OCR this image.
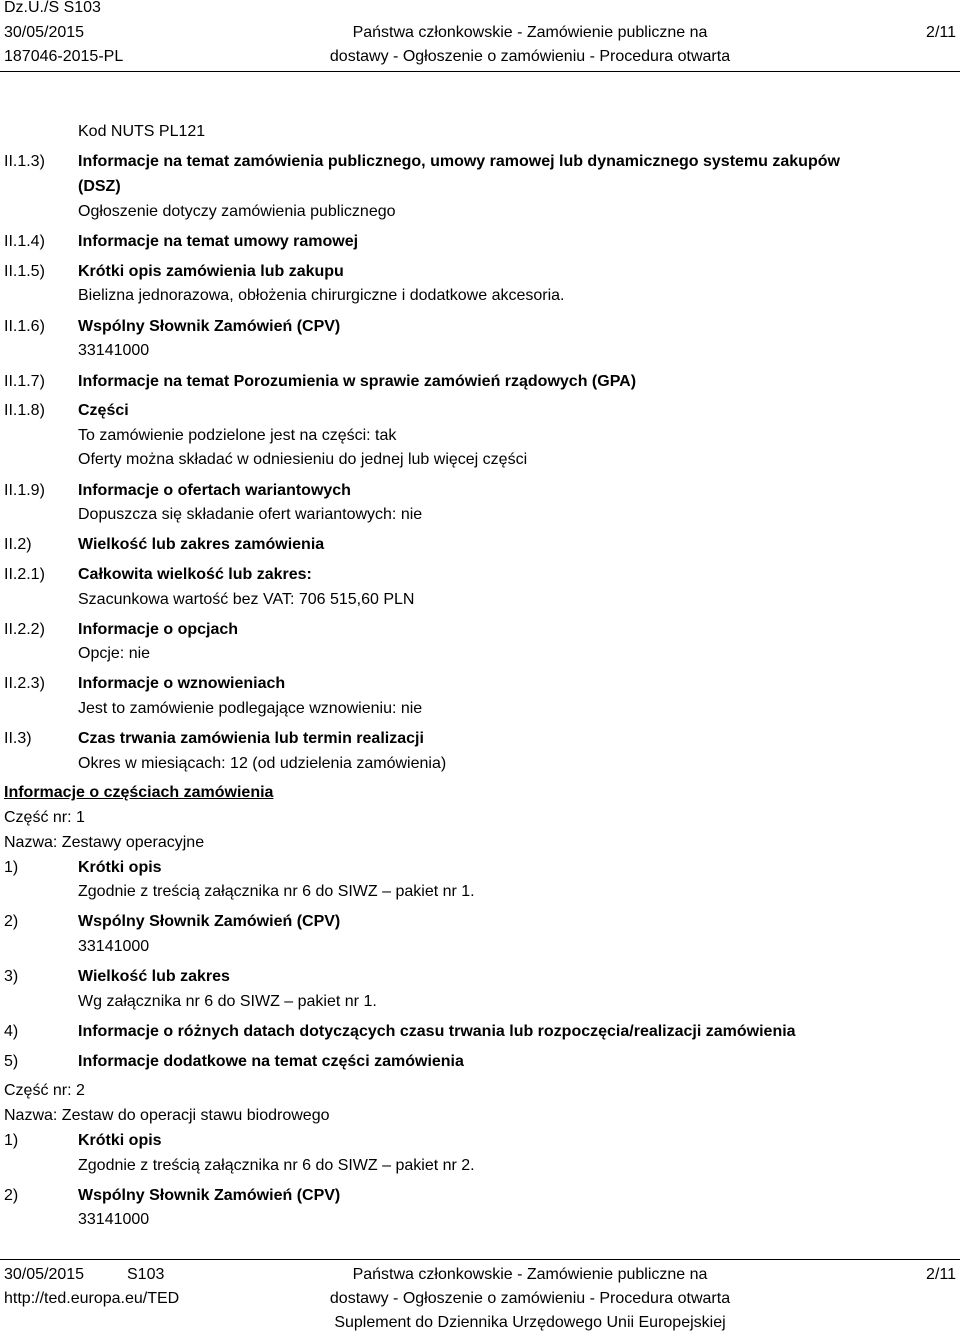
Dz.U./S S103
30/05/2015
187046-2015-PL
Państwa członkowskie - Zamówienie publiczne na
dostawy - Ogłoszenie o zamówieniu - Procedura otwarta
2/11
Kod NUTS PL121
II.1.3) Informacje na temat zamówienia publicznego, umowy ramowej lub dynamicznego systemu zakupów
(DSZ)
Ogłoszenie dotyczy zamówienia publicznego
II.1.4) Informacje na temat umowy ramowej
II.1.5) Krótki opis zamówienia lub zakupu
Bielizna jednorazowa, obłożenia chirurgiczne i dodatkowe akcesoria.
II.1.6) Wspólny Słownik Zamówień (CPV)
33141000
II.1.7) Informacje na temat Porozumienia w sprawie zamówień rządowych (GPA)
II.1.8) Części
To zamówienie podzielone jest na części: tak
Oferty można składać w odniesieniu do jednej lub więcej części
II.1.9) Informacje o ofertach wariantowych
Dopuszcza się składanie ofert wariantowych: nie
II.2)	Wielkość lub zakres zamówienia
II.2.1) Całkowita wielkość lub zakres:
Szacunkowa wartość bez VAT: 706 515,60 PLN
II.2.2) Informacje o opcjach
Opcje: nie
II.2.3) Informacje o wznowieniach
Jest to zamówienie podlegające wznowieniu: nie
II.3)	Czas trwania zamówienia lub termin realizacji
Okres w miesiącach: 12 (od udzielenia zamówienia)
Informacje o częściach zamówienia
Część nr: 1
Nazwa: Zestawy operacyjne
1)	Krótki opis
Zgodnie z treścią załącznika nr 6 do SIWZ – pakiet nr 1.
2)	Wspólny Słownik Zamówień (CPV)
33141000
3)	Wielkość lub zakres
Wg załącznika nr 6 do SIWZ – pakiet nr 1.
4)	Informacje o różnych datach dotyczących czasu trwania lub rozpoczęcia/realizacji zamówienia
5)	Informacje dodatkowe na temat części zamówienia
Część nr: 2
Nazwa: Zestaw do operacji stawu biodrowego
1)	Krótki opis
Zgodnie z treścią załącznika nr 6 do SIWZ – pakiet nr 2.
2)	Wspólny Słownik Zamówień (CPV)
33141000
30/05/2015	S103
http://ted.europa.eu/TED
Państwa członkowskie - Zamówienie publiczne na
dostawy - Ogłoszenie o zamówieniu - Procedura otwarta
Suplement do Dziennika Urzędowego Unii Europejskiej
2/11
